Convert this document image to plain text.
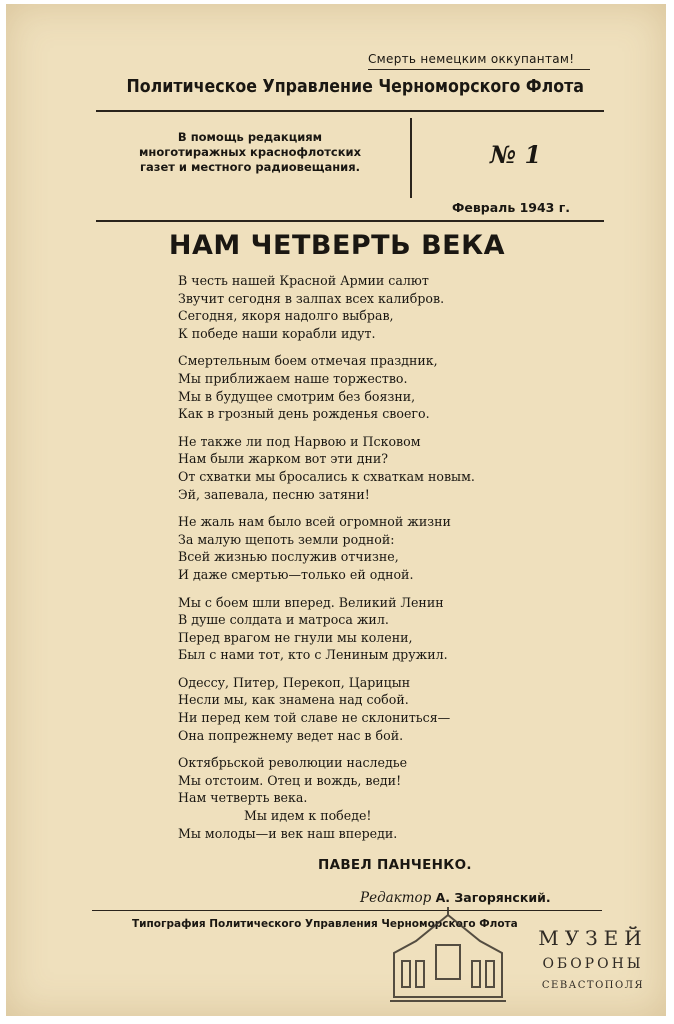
Смерть немецким оккупантам!
Политическое Управление Черноморского Флота
В помощь редакциям
многотиражных краснофлотских
газет и местного радиовещания.	№ 1
Февраль 1943 г.
НАМ ЧЕТВЕРТЬ ВЕКА
В честь нашей Красной Армии салют
Звучит сегодня в залпах всех калибров.
Сегодня, якоря надолго выбрав,
К победе наши корабли идут.
Смертельным боем отмечая праздник,
Мы приближаем наше торжество.
Мы в будущее смотрим без боязни,
Как в грозный день рожденья своего.
Не также ли под Нарвою и Псковом
Нам были жарком вот эти дни?
От схватки мы бросались к схваткам новым.
Эй, запевала, песню затяни!
Не жаль нам было всей огромной жизни
За малую щепоть земли родной:
Всей жизнью послужив отчизне,
И даже смертью—только ей одной.
Мы с боем шли вперед. Великий Ленин
В душе солдата и матроса жил.
Перед врагом не гнули мы колени,
Был с нами тот, кто с Лениным дружил.
Одессу, Питер, Перекоп, Царицын
Несли мы, как знамена над собой.
Ни перед кем той славе не склониться—
Она попрежнему ведет нас в бой.
Октябрьской революции наследье
Мы отстоим. Отец и вождь, веди!
Нам четверть века.
Мы идем к победе!
Мы молоды—и век наш впереди.
ПАВЕЛ ПАНЧЕНКО.
Редактор А. Загорянский.
Типография Политического Управления Черноморского Флота
МУЗЕЙ
ОБОРОНЫ
СЕВАСТОПОЛЯ
